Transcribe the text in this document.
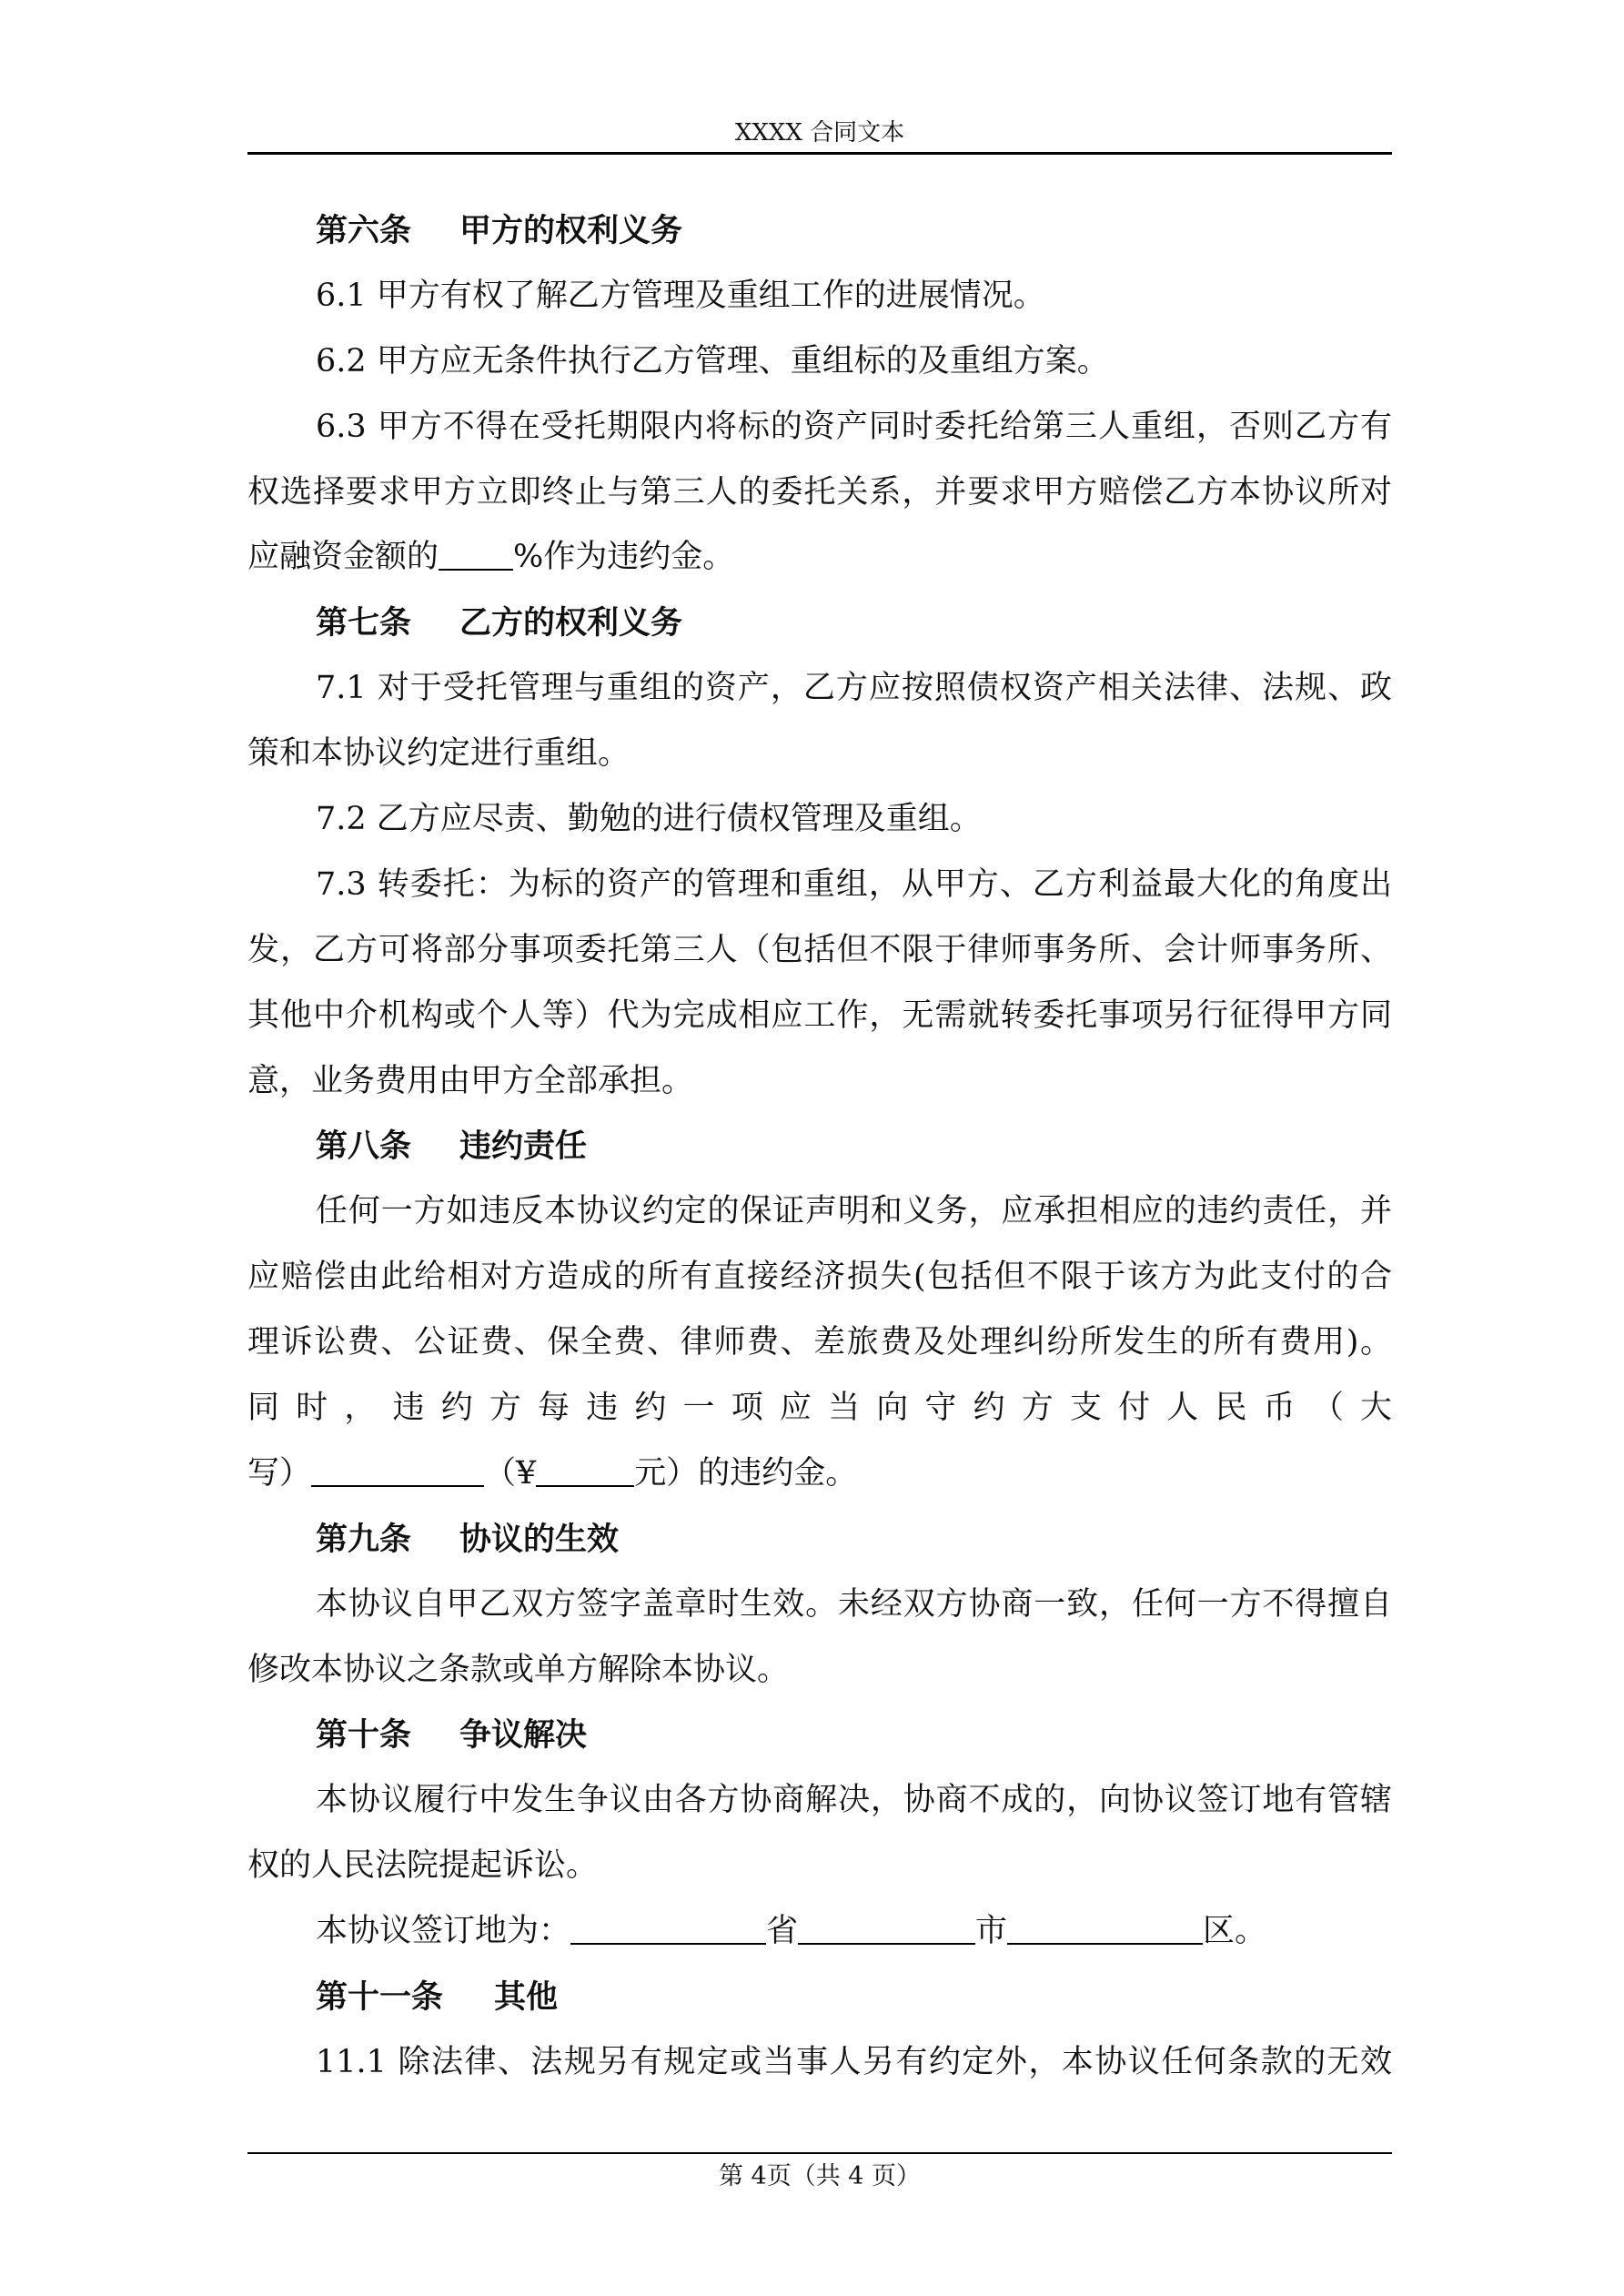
XXXX 合同文本
第六条 甲方的权利义务
6.1 甲方有权了解乙方管理及重组工作的进展情况。
6.2 甲方应无条件执行乙方管理、重组标的及重组方案。
6.3 甲方不得在受托期限内将标的资产同时委托给第三人重组，否则乙方有
权选择要求甲方立即终止与第三人的委托关系，并要求甲方赔偿乙方本协议所对
应融资金额的 %作为违约金。
第七条 乙方的权利义务
7.1 对于受托管理与重组的资产，乙方应按照债权资产相关法律、法规、政
策和本协议约定进行重组。
7.2 乙方应尽责、勤勉的进行债权管理及重组。
7.3 转委托：为标的资产的管理和重组，从甲方、乙方利益最大化的角度出
发，乙方可将部分事项委托第三人（包括但不限于律师事务所、会计师事务所、
其他中介机构或个人等）代为完成相应工作，无需就转委托事项另行征得甲方同
意，业务费用由甲方全部承担。
第八条 违约责任
任何一方如违反本协议约定的保证声明和义务，应承担相应的违约责任，并
应赔偿由此给相对方造成的所有直接经济损失(包括但不限于该方为此支付的合
理诉讼费、公证费、保全费、律师费、差旅费及处理纠纷所发生的所有费用)。
同时，违约方每违约一项应当向守约方支付人民币（大
写）	（¥	元）的违约金。
第九条 协议的生效
本协议自甲乙双方签字盖章时生效。未经双方协商一致，任何一方不得擅自
修改本协议之条款或单方解除本协议。
第十条 争议解决
本协议履行中发生争议由各方协商解决，协商不成的，向协议签订地有管辖
权的人民法院提起诉讼。
本协议签订地为：	省	市	区。
第十一条 其他
11.1 除法律、法规另有规定或当事人另有约定外，本协议任何条款的无效
第 4页（共 4 页）
